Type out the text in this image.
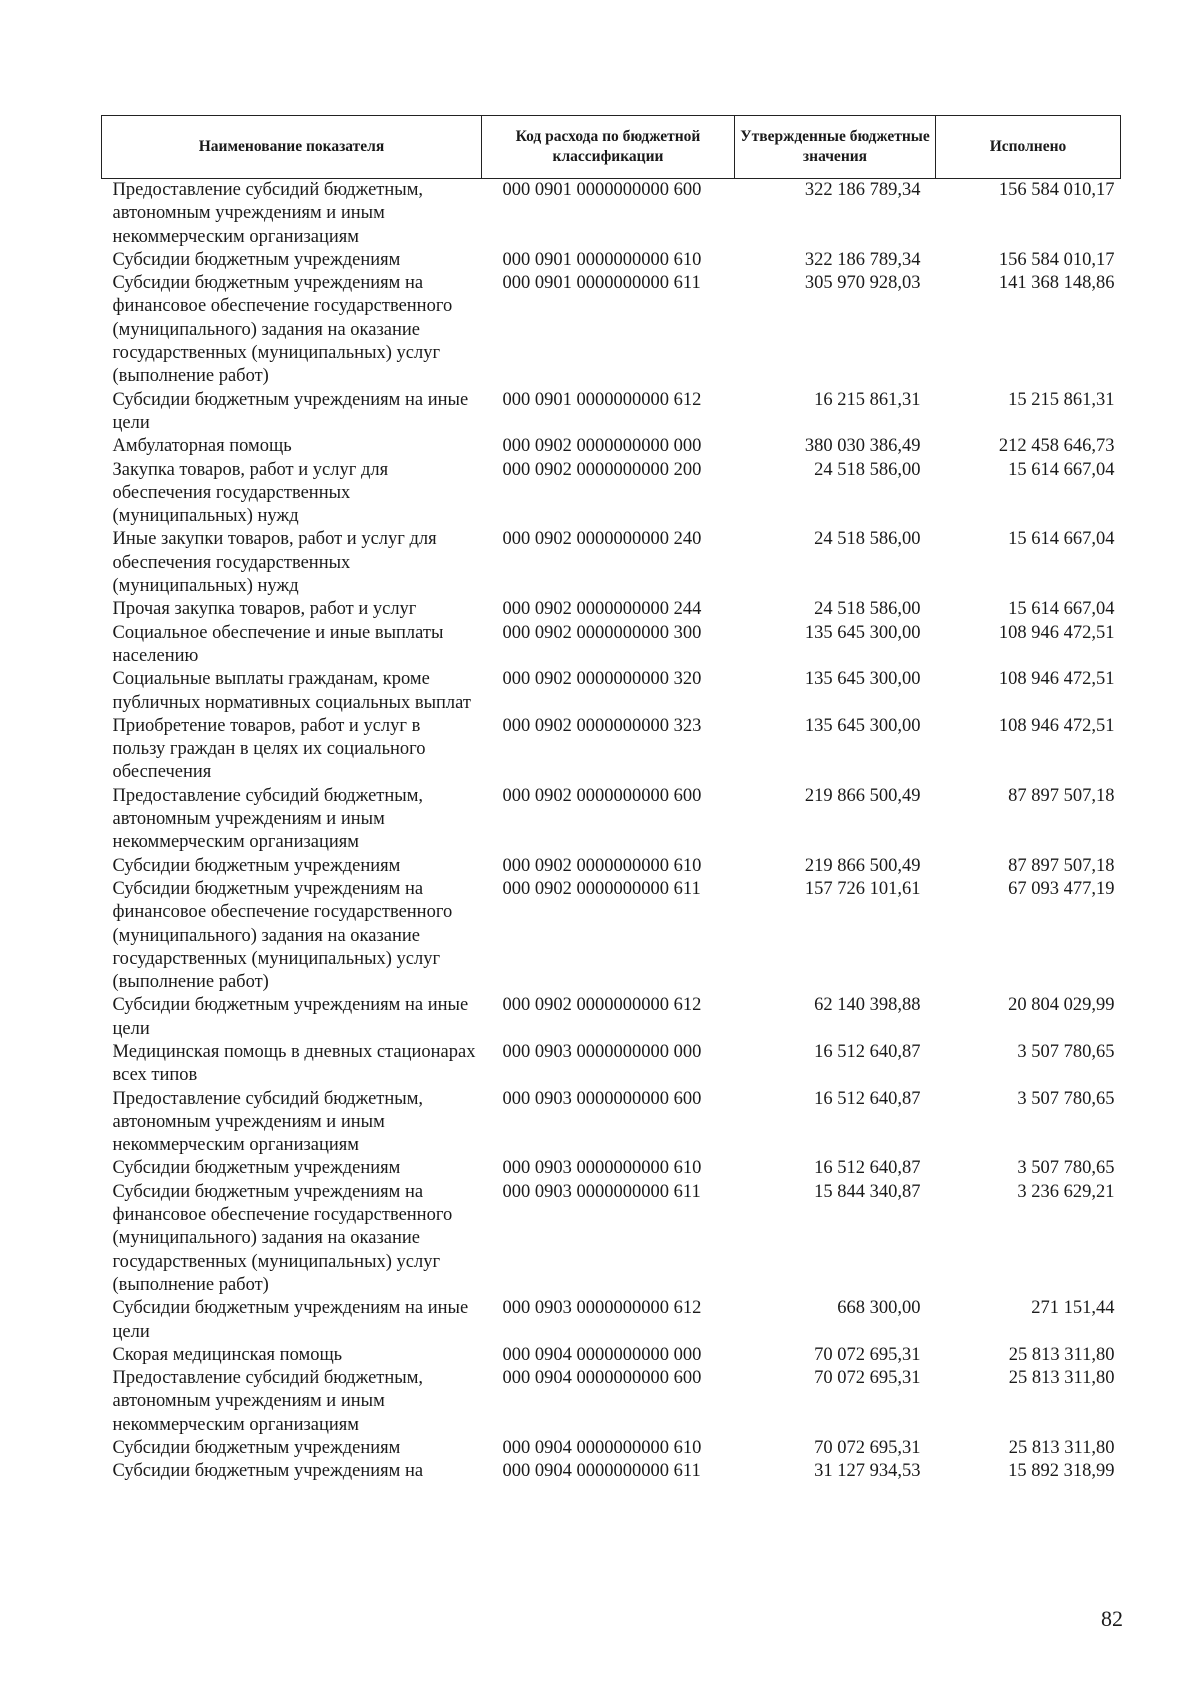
Наименование показателя	Код расхода по бюджетной классификации	Утвержденные бюджетные значения	Исполнено
Предоставление субсидий бюджетным, автономным учреждениям и иным некоммерческим организациям	000 0901 0000000000 600	322 186 789,34	156 584 010,17
Субсидии бюджетным учреждениям	000 0901 0000000000 610	322 186 789,34	156 584 010,17
Субсидии бюджетным учреждениям на финансовое обеспечение государственного (муниципального) задания на оказание государственных (муниципальных) услуг (выполнение работ)	000 0901 0000000000 611	305 970 928,03	141 368 148,86
Субсидии бюджетным учреждениям на иные цели	000 0901 0000000000 612	16 215 861,31	15 215 861,31
Амбулаторная помощь	000 0902 0000000000 000	380 030 386,49	212 458 646,73
Закупка товаров, работ и услуг для обеспечения государственных (муниципальных) нужд	000 0902 0000000000 200	24 518 586,00	15 614 667,04
Иные закупки товаров, работ и услуг для обеспечения государственных (муниципальных) нужд	000 0902 0000000000 240	24 518 586,00	15 614 667,04
Прочая закупка товаров, работ и услуг	000 0902 0000000000 244	24 518 586,00	15 614 667,04
Социальное обеспечение и иные выплаты населению	000 0902 0000000000 300	135 645 300,00	108 946 472,51
Социальные выплаты гражданам, кроме публичных нормативных социальных выплат	000 0902 0000000000 320	135 645 300,00	108 946 472,51
Приобретение товаров, работ и услуг в пользу граждан в целях их социального обеспечения	000 0902 0000000000 323	135 645 300,00	108 946 472,51
Предоставление субсидий бюджетным, автономным учреждениям и иным некоммерческим организациям	000 0902 0000000000 600	219 866 500,49	87 897 507,18
Субсидии бюджетным учреждениям	000 0902 0000000000 610	219 866 500,49	87 897 507,18
Субсидии бюджетным учреждениям на финансовое обеспечение государственного (муниципального) задания на оказание государственных (муниципальных) услуг (выполнение работ)	000 0902 0000000000 611	157 726 101,61	67 093 477,19
Субсидии бюджетным учреждениям на иные цели	000 0902 0000000000 612	62 140 398,88	20 804 029,99
Медицинская помощь в дневных стационарах всех типов	000 0903 0000000000 000	16 512 640,87	3 507 780,65
Предоставление субсидий бюджетным, автономным учреждениям и иным некоммерческим организациям	000 0903 0000000000 600	16 512 640,87	3 507 780,65
Субсидии бюджетным учреждениям	000 0903 0000000000 610	16 512 640,87	3 507 780,65
Субсидии бюджетным учреждениям на финансовое обеспечение государственного (муниципального) задания на оказание государственных (муниципальных) услуг (выполнение работ)	000 0903 0000000000 611	15 844 340,87	3 236 629,21
Субсидии бюджетным учреждениям на иные цели	000 0903 0000000000 612	668 300,00	271 151,44
Скорая медицинская помощь	000 0904 0000000000 000	70 072 695,31	25 813 311,80
Предоставление субсидий бюджетным, автономным учреждениям и иным некоммерческим организациям	000 0904 0000000000 600	70 072 695,31	25 813 311,80
Субсидии бюджетным учреждениям	000 0904 0000000000 610	70 072 695,31	25 813 311,80
Субсидии бюджетным учреждениям на	000 0904 0000000000 611	31 127 934,53	15 892 318,99
82
